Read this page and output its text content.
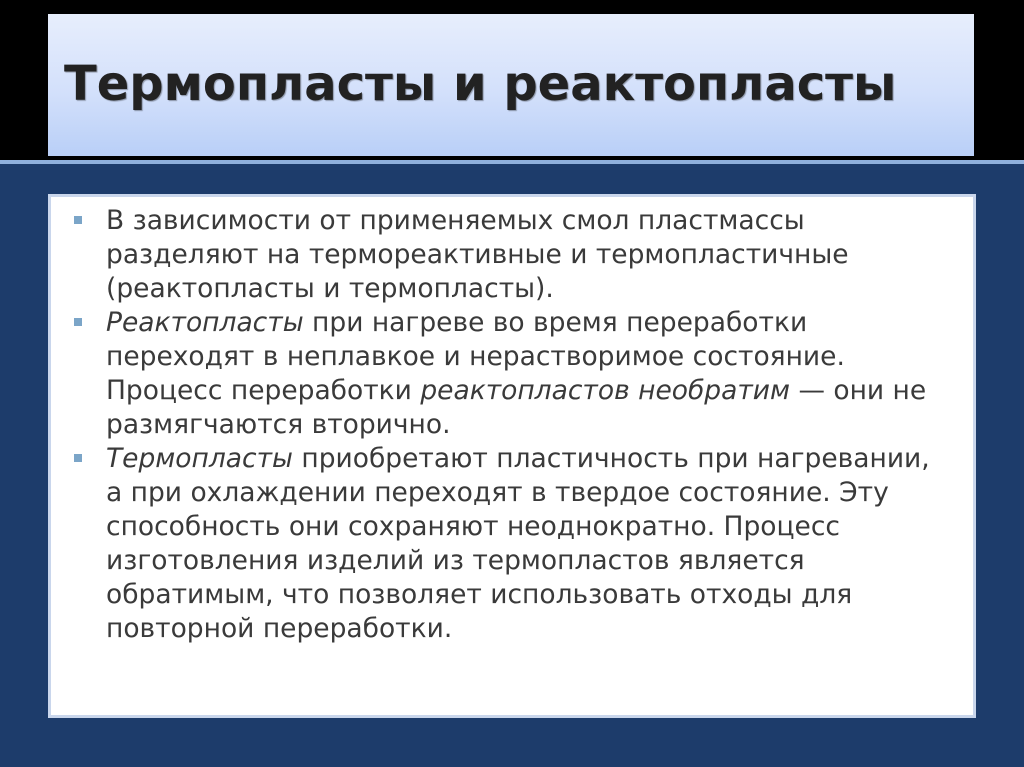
Термопласты и реактопласты
В зависимости от применяемых смол пластмассы разделяют на термореактивные и термопластичные (реактопласты и термопласты).
Реактопласты при нагреве во время переработки переходят в неплавкое и нерастворимое состояние. Процесс переработки реактопластов необратим — они не размягчаются вторично.
Термопласты приобретают пластичность при нагревании, а при охлаждении переходят в твердое состояние. Эту способность они сохраняют неоднократно. Процесс изготовления изделий из термопластов является обратимым, что позволяет использовать отходы для повторной переработки.
